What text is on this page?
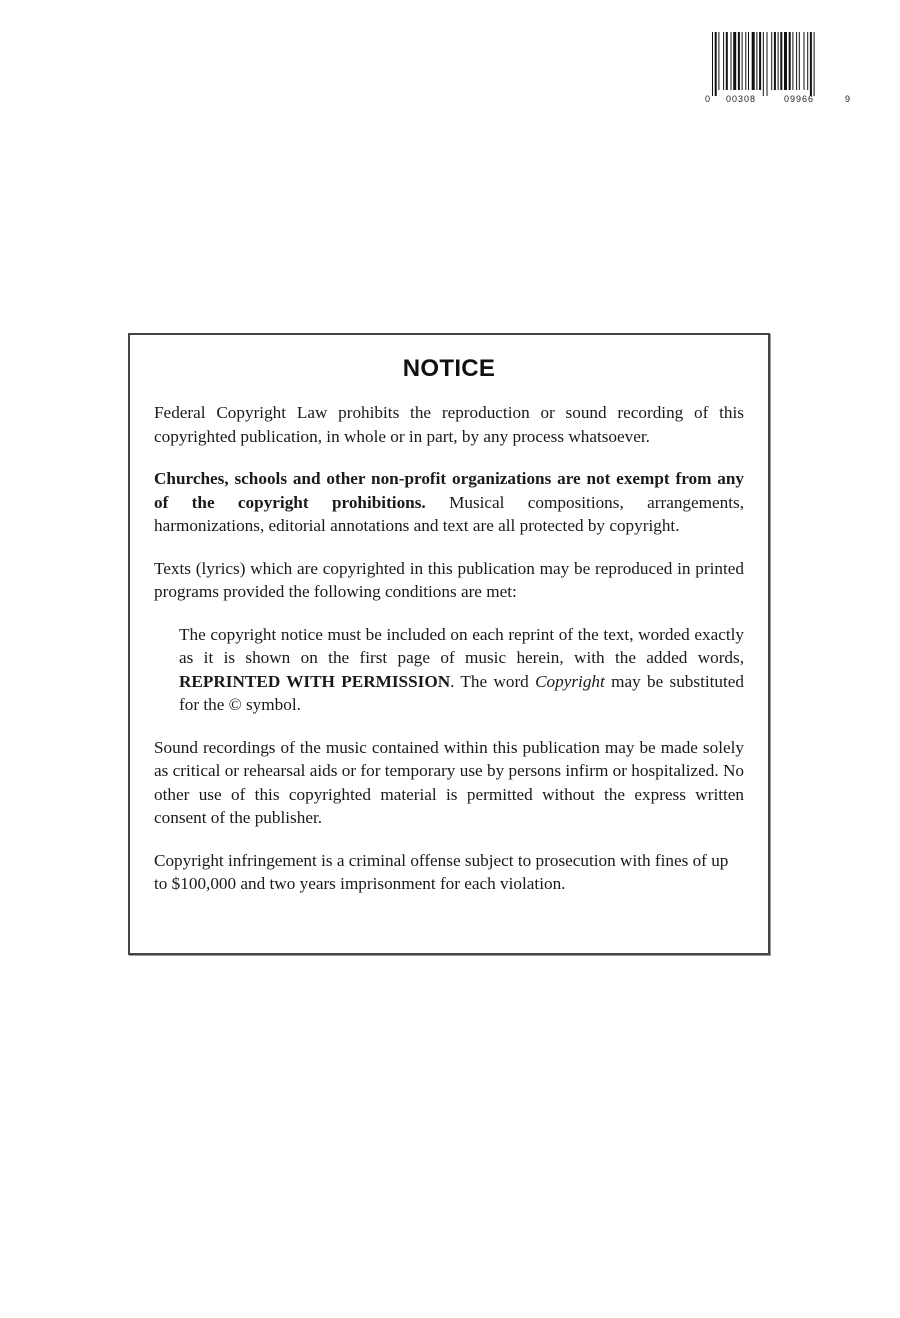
0 00308	09966	9
NOTICE

Federal Copyright Law prohibits the reproduction or sound recording of this copyrighted publication, in whole or in part, by any process whatsoever.

Churches, schools and other non-profit organizations are not exempt from any of the copyright prohibitions. Musical compositions, arrangements, harmonizations, editorial annotations and text are all protected by copyright.

Texts (lyrics) which are copyrighted in this publication may be reproduced in printed programs provided the following conditions are met:

The copyright notice must be included on each reprint of the text, worded exactly as it is shown on the first page of music herein, with the added words, REPRINTED WITH PERMISSION. The word Copyright may be substituted for the © symbol.

Sound recordings of the music contained within this publication may be made solely as critical or rehearsal aids or for temporary use by persons infirm or hospitalized. No other use of this copyrighted material is permitted without the express written consent of the publisher.

Copyright infringement is a criminal offense subject to prosecution with fines of up to $100,000 and two years imprisonment for each violation.
